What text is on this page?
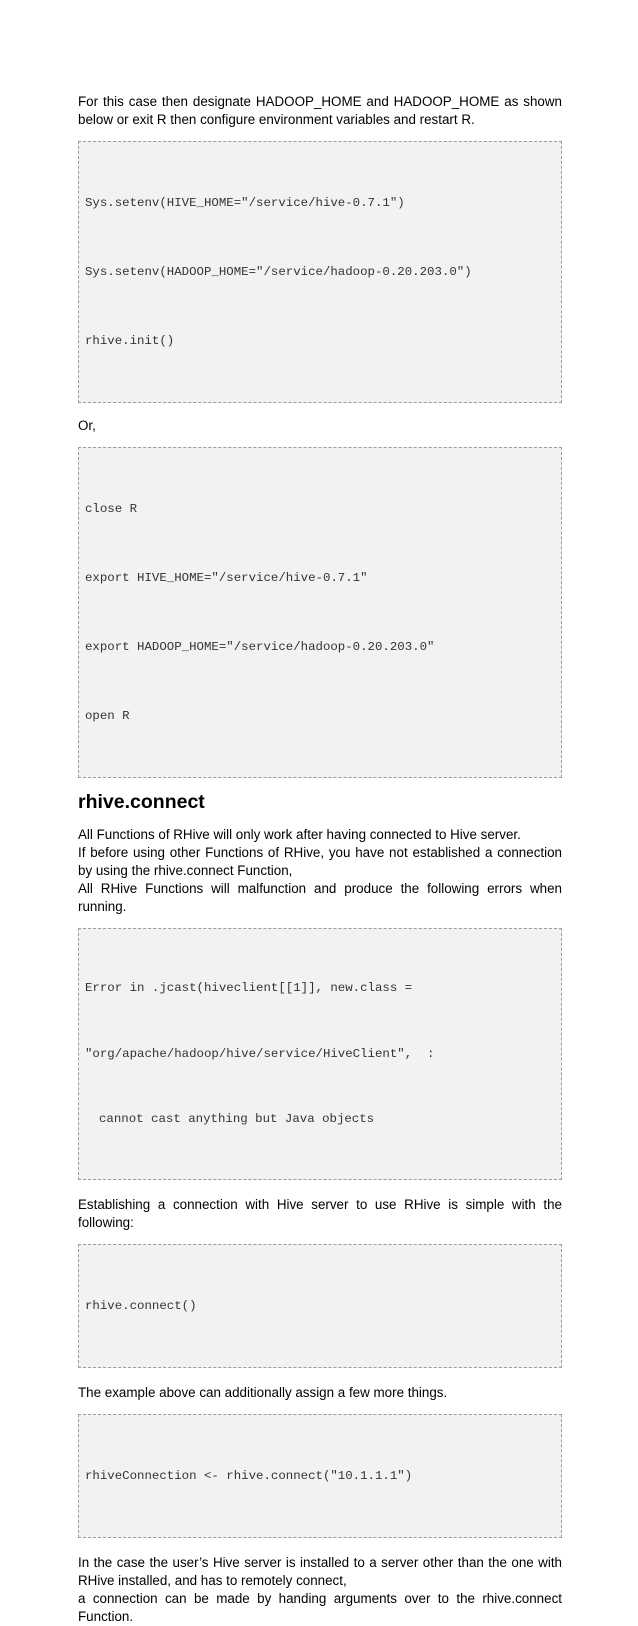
For this case then designate HADOOP_HOME and HADOOP_HOME as shown below or exit R then configure environment variables and restart R.

Sys.setenv(HIVE_HOME="/service/hive-0.7.1")

Sys.setenv(HADOOP_HOME="/service/hadoop-0.20.203.0")

rhive.init()

Or,

close R

export HIVE_HOME="/service/hive-0.7.1"

export HADOOP_HOME="/service/hadoop-0.20.203.0"

open R

rhive.connect

All Functions of RHive will only work after having connected to Hive server.

If before using other Functions of RHive, you have not established a connection by using the rhive.connect Function,

All RHive Functions will malfunction and produce the following errors when running.

Error in .jcast(hiveclient[[1]], new.class =

"org/apache/hadoop/hive/service/HiveClient",  :

cannot cast anything but Java objects

Establishing a connection with Hive server to use RHive is simple with the following:

rhive.connect()

The example above can additionally assign a few more things.

rhiveConnection <- rhive.connect("10.1.1.1")

In the case the user’s Hive server is installed to a server other than the one with RHive installed, and has to remotely connect,

a connection can be made by handing arguments over to the rhive.connect Function.
